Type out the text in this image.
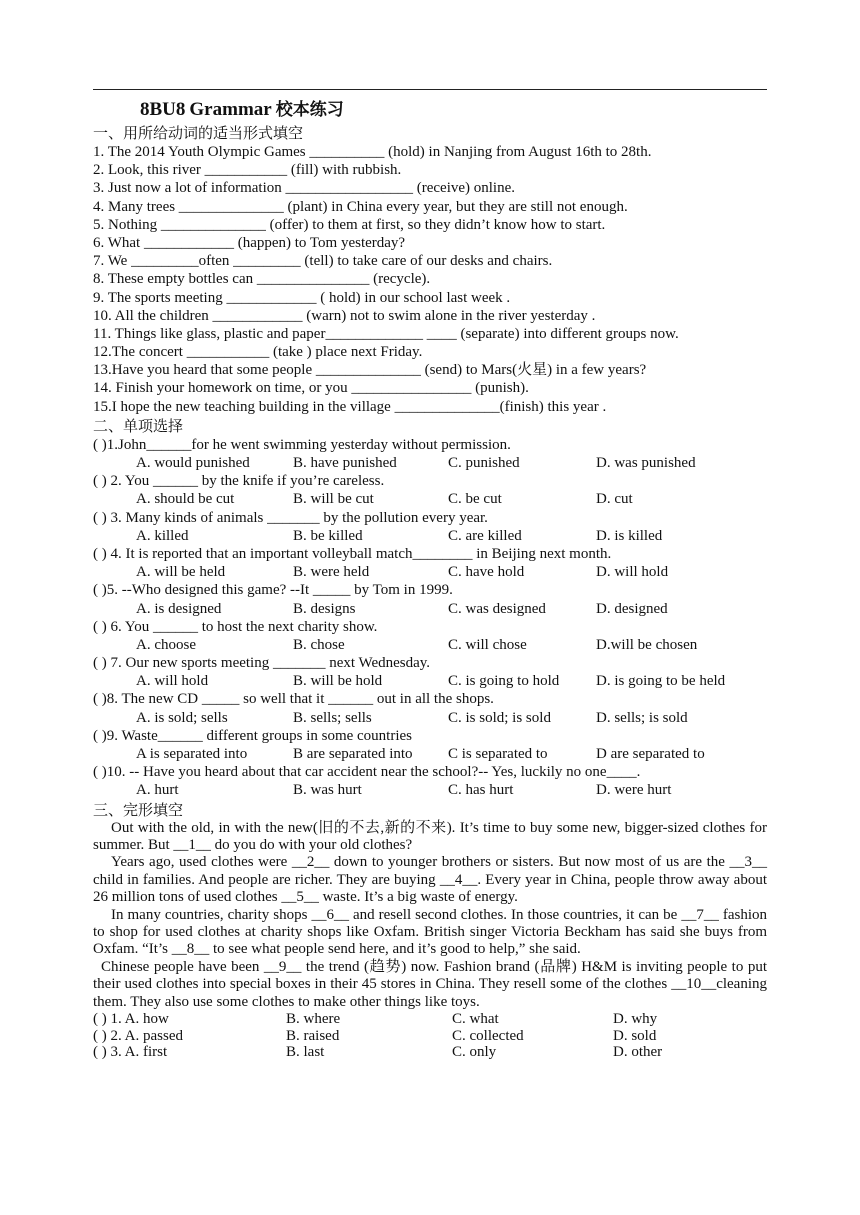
8BU8 Grammar 校本练习
一、用所给动词的适当形式填空
1. The 2014 Youth Olympic Games __________ (hold) in Nanjing from August 16th to 28th.
2. Look, this river ___________ (fill) with rubbish.
3. Just now a lot of information _________________ (receive) online.
4. Many trees ______________ (plant) in China every year, but they are still not enough.
5. Nothing ______________ (offer) to them at first, so they didn’t know how to start.
6. What ____________ (happen) to Tom yesterday?
7. We _________often _________ (tell) to take care of our desks and chairs.
8. These empty bottles can _______________ (recycle).
9. The sports meeting ____________ ( hold) in our school last week .
10. All the children ____________ (warn) not to swim alone in the river yesterday .
11. Things like glass, plastic and paper_____________ ____ (separate) into different groups now.
12.The concert ___________ (take ) place next Friday.
13.Have you heard that some people ______________ (send) to Mars(火星) in a few years?
14. Finish your homework on time, or you ________________ (punish).
15.I hope the new teaching building in the village ______________(finish) this year .
二、单项选择
( )1.John______for he went swimming yesterday without permission.
A. would punished	B. have punished	C. punished	D. was punished
( ) 2. You ______ by the knife if you’re careless.
A. should be cut	B. will be cut	C. be cut	D. cut
( ) 3. Many kinds of animals _______ by the pollution every year.
A. killed	B. be killed	C. are killed	D. is killed
( ) 4. It is reported that an important volleyball match________ in Beijing next month.
A. will be held	B. were held	C. have hold	D. will hold
( )5. --Who designed this game? --It _____ by Tom in 1999.
A. is designed	B. designs	C. was designed	D. designed
( ) 6. You ______ to host the next charity show.
A. choose	B. chose	C. will chose	D.will be chosen
( ) 7. Our new sports meeting _______ next Wednesday.
A. will hold	B. will be hold	C. is going to hold D. is going to be held
( )8. The new CD _____ so well that it ______ out in all the shops.
A. is sold; sells	B. sells; sells	C. is sold; is sold	D. sells; is sold
( )9. Waste______ different groups in some countries
A is separated into	B are separated into C is separated to	D are separated to
( )10. -- Have you heard about that car accident near the school?-- Yes, luckily no one____.
A. hurt	B. was hurt	C. has hurt	D. were hurt
三、完形填空

Out with the old, in with the new(旧的不去,新的不来). It’s time to buy some new, bigger-sized clothes for summer. But __1__ do you do with your old clothes?

Years ago, used clothes were __2__ down to younger brothers or sisters. But now most of us are the __3__ child in families. And people are richer. They are buying __4__. Every year in China, people throw away about 26 million tons of used clothes __5__ waste. It’s a big waste of energy.

In many countries, charity shops __6__ and resell second clothes. In those countries, it can be __7__ fashion to shop for used clothes at charity shops like Oxfam. British singer Victoria Beckham has said she buys from Oxfam. “It’s __8__ to see what people send here, and it’s good to help,” she said.

Chinese people have been __9__ the trend (趋势) now. Fashion brand (品牌) H&M is inviting people to put their used clothes into special boxes in their 45 stores in China. They resell some of the clothes __10__cleaning them. They also use some clothes to make other things like toys.

( ) 1. A. how	B. where	C. what	D. why
( ) 2. A. passed	B. raised	C. collected	D. sold
( ) 3. A. first	B. last	C. only	D. other
